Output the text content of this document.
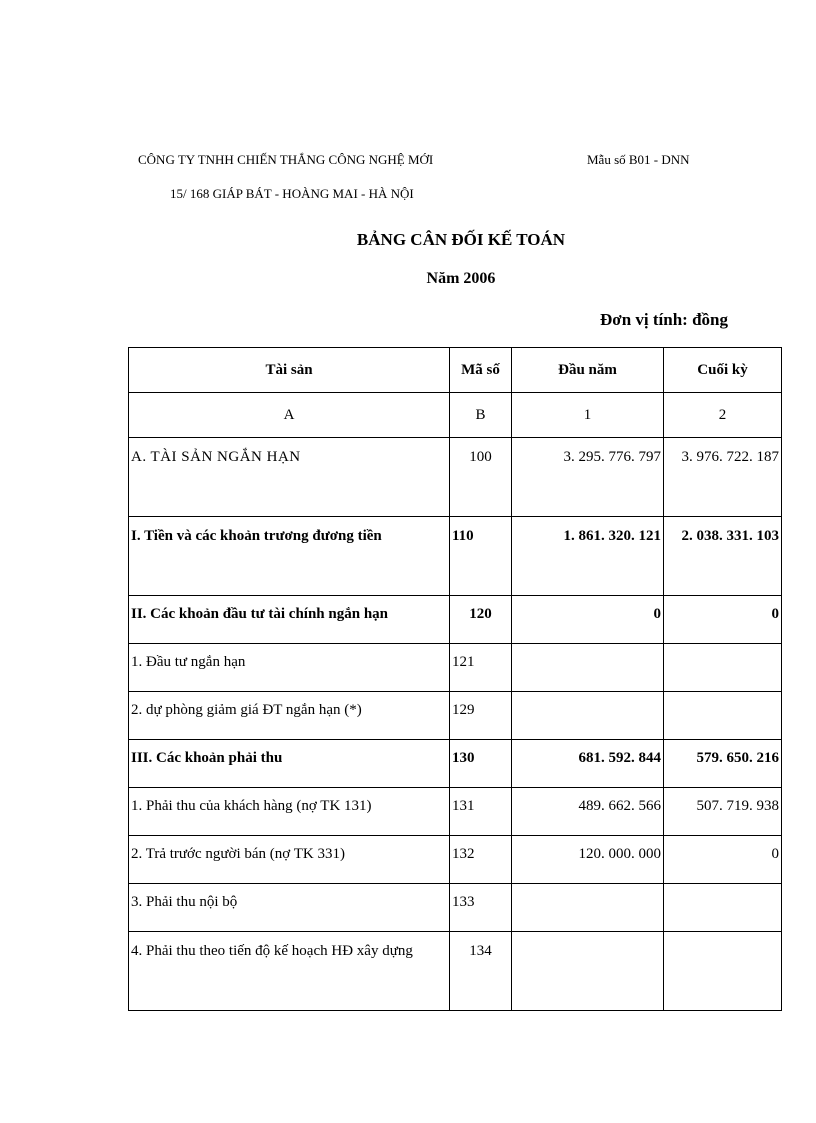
CÔNG TY TNHH CHIẾN THẮNG CÔNG NGHỆ MỚI	Mẫu số B01 - DNN
15/ 168 GIÁP BÁT - HOÀNG MAI - HÀ NỘI
BẢNG CÂN ĐỐI KẾ TOÁN
Năm 2006
Đơn vị tính: đồng
Tài sản	Mã số	Đầu năm	Cuối kỳ
A	B	1	2
A. TÀI SẢN NGẮN HẠN	100	3. 295. 776. 797	3. 976. 722. 187
I. Tiền và các khoản trương đương tiền	110	1. 861. 320. 121	2. 038. 331. 103
II. Các khoản đầu tư tài chính ngắn hạn	120	0	0
1. Đầu tư ngắn hạn	121		
2. dự phòng giảm giá ĐT ngắn hạn (*)	129		
III. Các khoản phải thu	130	681. 592. 844	579. 650. 216
1. Phải thu của khách hàng (nợ TK 131)	131	489. 662. 566	507. 719. 938
2. Trả trước người bán (nợ TK 331)	132	120. 000. 000	0
3. Phải thu nội bộ	133		
4. Phải thu theo tiến độ kế hoạch HĐ xây dựng	134		
